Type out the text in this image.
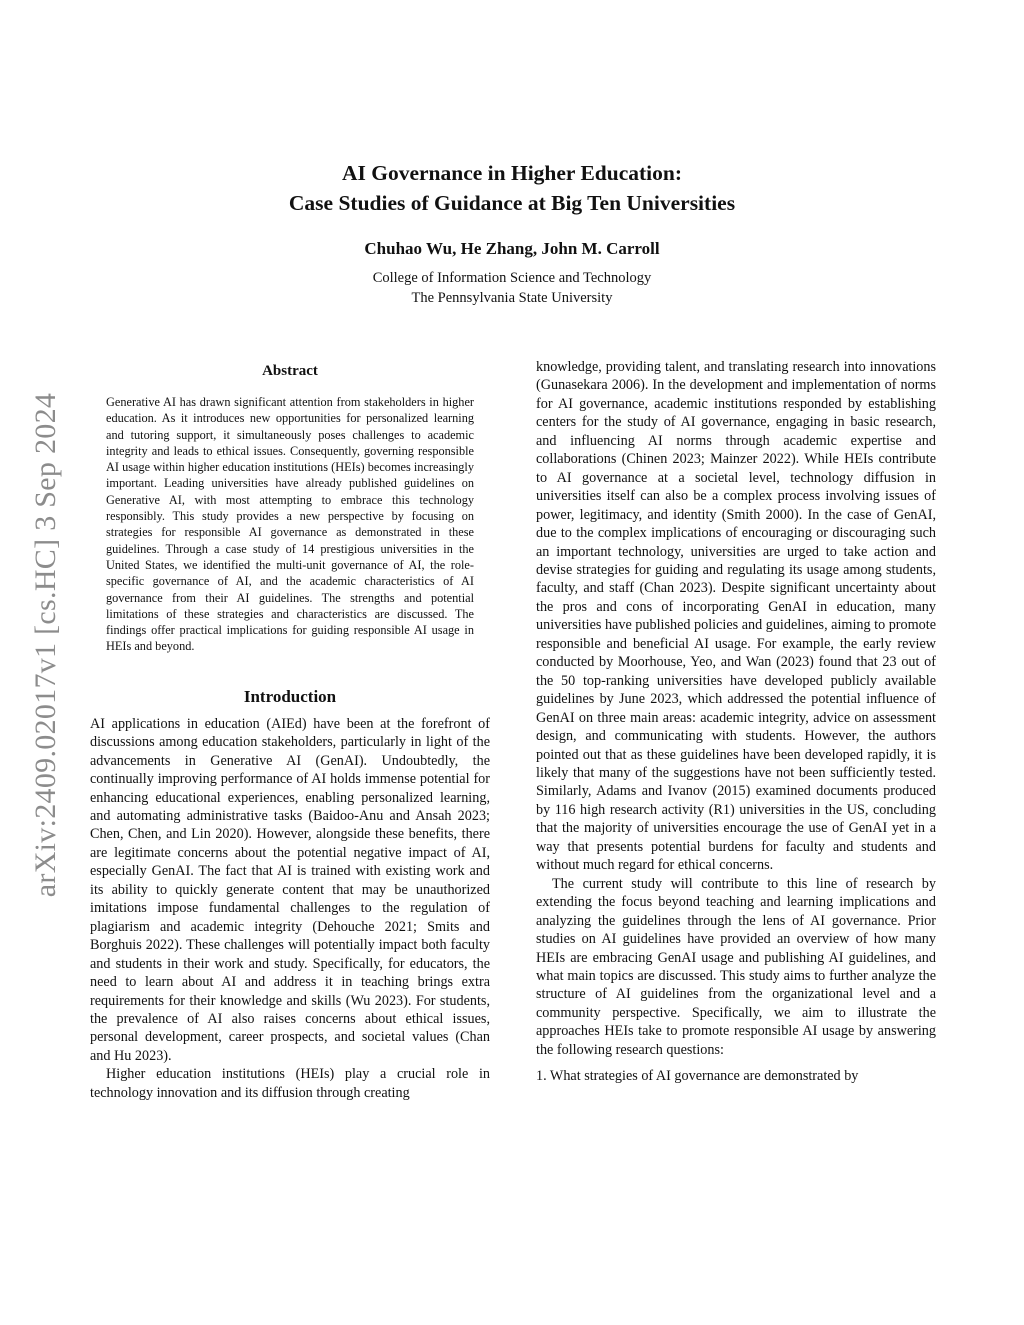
AI Governance in Higher Education:
Case Studies of Guidance at Big Ten Universities
Chuhao Wu, He Zhang, John M. Carroll
College of Information Science and Technology
The Pennsylvania State University
arXiv:2409.02017v1 [cs.HC] 3 Sep 2024
Abstract

Generative AI has drawn significant attention from stakeholders in higher education. As it introduces new opportunities for personalized learning and tutoring support, it simultaneously poses challenges to academic integrity and leads to ethical issues. Consequently, governing responsible AI usage within higher education institutions (HEIs) becomes increasingly important. Leading universities have already published guidelines on Generative AI, with most attempting to embrace this technology responsibly. This study provides a new perspective by focusing on strategies for responsible AI governance as demonstrated in these guidelines. Through a case study of 14 prestigious universities in the United States, we identified the multi-unit governance of AI, the role-specific governance of AI, and the academic characteristics of AI governance from their AI guidelines. The strengths and potential limitations of these strategies and characteristics are discussed. The findings offer practical implications for guiding responsible AI usage in HEIs and beyond.

Introduction

AI applications in education (AIEd) have been at the forefront of discussions among education stakeholders, particularly in light of the advancements in Generative AI (GenAI). Undoubtedly, the continually improving performance of AI holds immense potential for enhancing educational experiences, enabling personalized learning, and automating administrative tasks (Baidoo-Anu and Ansah 2023; Chen, Chen, and Lin 2020). However, alongside these benefits, there are legitimate concerns about the potential negative impact of AI, especially GenAI. The fact that AI is trained with existing work and its ability to quickly generate content that may be unauthorized imitations impose fundamental challenges to the regulation of plagiarism and academic integrity (Dehouche 2021; Smits and Borghuis 2022). These challenges will potentially impact both faculty and students in their work and study. Specifically, for educators, the need to learn about AI and address it in teaching brings extra requirements for their knowledge and skills (Wu 2023). For students, the prevalence of AI also raises concerns about ethical issues, personal development, career prospects, and societal values (Chan and Hu 2023).

Higher education institutions (HEIs) play a crucial role in technology innovation and its diffusion through creating

knowledge, providing talent, and translating research into innovations (Gunasekara 2006). In the development and implementation of norms for AI governance, academic institutions responded by establishing centers for the study of AI governance, engaging in basic research, and influencing AI norms through academic expertise and collaborations (Chinen 2023; Mainzer 2022). While HEIs contribute to AI governance at a societal level, technology diffusion in universities itself can also be a complex process involving issues of power, legitimacy, and identity (Smith 2000). In the case of GenAI, due to the complex implications of encouraging or discouraging such an important technology, universities are urged to take action and devise strategies for guiding and regulating its usage among students, faculty, and staff (Chan 2023). Despite significant uncertainty about the pros and cons of incorporating GenAI in education, many universities have published policies and guidelines, aiming to promote responsible and beneficial AI usage. For example, the early review conducted by Moorhouse, Yeo, and Wan (2023) found that 23 out of the 50 top-ranking universities have developed publicly available guidelines by June 2023, which addressed the potential influence of GenAI on three main areas: academic integrity, advice on assessment design, and communicating with students. However, the authors pointed out that as these guidelines have been developed rapidly, it is likely that many of the suggestions have not been sufficiently tested. Similarly, Adams and Ivanov (2015) examined documents produced by 116 high research activity (R1) universities in the US, concluding that the majority of universities encourage the use of GenAI yet in a way that presents potential burdens for faculty and students and without much regard for ethical concerns.

The current study will contribute to this line of research by extending the focus beyond teaching and learning implications and analyzing the guidelines through the lens of AI governance. Prior studies on AI guidelines have provided an overview of how many HEIs are embracing GenAI usage and publishing AI guidelines, and what main topics are discussed. This study aims to further analyze the structure of AI guidelines from the organizational level and a community perspective. Specifically, we aim to illustrate the approaches HEIs take to promote responsible AI usage by answering the following research questions:

1. What strategies of AI governance are demonstrated by
